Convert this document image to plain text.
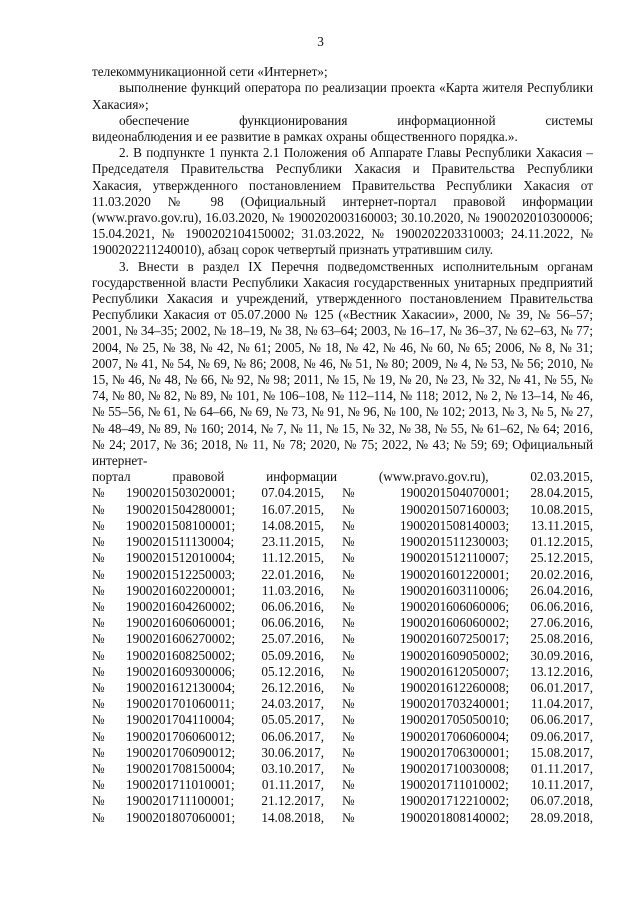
3

телекоммуникационной сети «Интернет»;

выполнение функций оператора по реализации проекта «Карта жителя Республики Хакасия»;

обеспечение	функционирования	информационной	системы

видеонаблюдения и ее развитие в рамках охраны общественного порядка.».

2. В подпункте 1 пункта 2.1 Положения об Аппарате Главы Республики Хакасия – Председателя Правительства Республики Хакасия и Правительства Республики Хакасия, утвержденного постановлением Правительства Республики Хакасия от 11.03.2020 № 98 (Официальный интернет-портал правовой информации (www.pravo.gov.ru), 16.03.2020, № 1900202003160003; 30.10.2020, № 1900202010300006; 15.04.2021, № 1900202104150002; 31.03.2022, № 1900202203310003; 24.11.2022, № 1900202211240010), абзац сорок четвертый признать утратившим силу.

3. Внести в раздел IX Перечня подведомственных исполнительным органам государственной власти Республики Хакасия государственных унитарных предприятий Республики Хакасия и учреждений, утвержденного постановлением Правительства Республики Хакасия от 05.07.2000 № 125 («Вестник Хакасии», 2000, № 39, № 56–57; 2001, № 34–35; 2002, № 18–19, № 38, № 63–64; 2003, № 16–17, № 36–37, № 62–63, № 77; 2004, № 25, № 38, № 42, № 61; 2005, № 18, № 42, № 46, № 60, № 65; 2006, № 8, № 31; 2007, № 41, № 54, № 69, № 86; 2008, № 46, № 51, № 80; 2009, № 4, № 53, № 56; 2010, № 15, № 46, № 48, № 66, № 92, № 98; 2011, № 15, № 19, № 20, № 23, № 32, № 41, № 55, № 74, № 80, № 82, № 89, № 101, № 106–108, № 112–114, № 118; 2012, № 2, № 13–14, № 46, № 55–56, № 61, № 64–66, № 69, № 73, № 91, № 96, № 100, № 102; 2013, № 3, № 5, № 27, № 48–49, № 89, № 160; 2014, № 7, № 11, № 15, № 32, № 38, № 55, № 61–62, № 64; 2016, № 24; 2017, № 36; 2018, № 11, № 78; 2020, № 75; 2022, № 43; № 59; 69; Официальный интернет-

портал	правовой	информации	(www.pravo.gov.ru),	02.03.2015,
№	1900201503020001;	07.04.2015,	№	1900201504070001;	28.04.2015,
№	1900201504280001;	16.07.2015,	№	1900201507160003;	10.08.2015,
№	1900201508100001;	14.08.2015,	№	1900201508140003;	13.11.2015,
№	1900201511130004;	23.11.2015,	№	1900201511230003;	01.12.2015,
№	1900201512010004;	11.12.2015,	№	1900201512110007;	25.12.2015,
№	1900201512250003;	22.01.2016,	№	1900201601220001;	20.02.2016,
№	1900201602200001;	11.03.2016,	№	1900201603110006;	26.04.2016,
№	1900201604260002;	06.06.2016,	№	1900201606060006;	06.06.2016,
№	1900201606060001;	06.06.2016,	№	1900201606060002;	27.06.2016,
№	1900201606270002;	25.07.2016,	№	1900201607250017;	25.08.2016,
№	1900201608250002;	05.09.2016,	№	1900201609050002;	30.09.2016,
№	1900201609300006;	05.12.2016,	№	1900201612050007;	13.12.2016,
№	1900201612130004;	26.12.2016,	№	1900201612260008;	06.01.2017,
№	1900201701060011;	24.03.2017,	№	1900201703240001;	11.04.2017,
№	1900201704110004;	05.05.2017,	№	1900201705050010;	06.06.2017,
№	1900201706060012;	06.06.2017,	№	1900201706060004;	09.06.2017,
№	1900201706090012;	30.06.2017,	№	1900201706300001;	15.08.2017,
№	1900201708150004;	03.10.2017,	№	1900201710030008;	01.11.2017,
№	1900201711010001;	01.11.2017,	№	1900201711010002;	10.11.2017,
№	1900201711100001;	21.12.2017,	№	1900201712210002;	06.07.2018,
№	1900201807060001;	14.08.2018,	№	1900201808140002;	28.09.2018,
